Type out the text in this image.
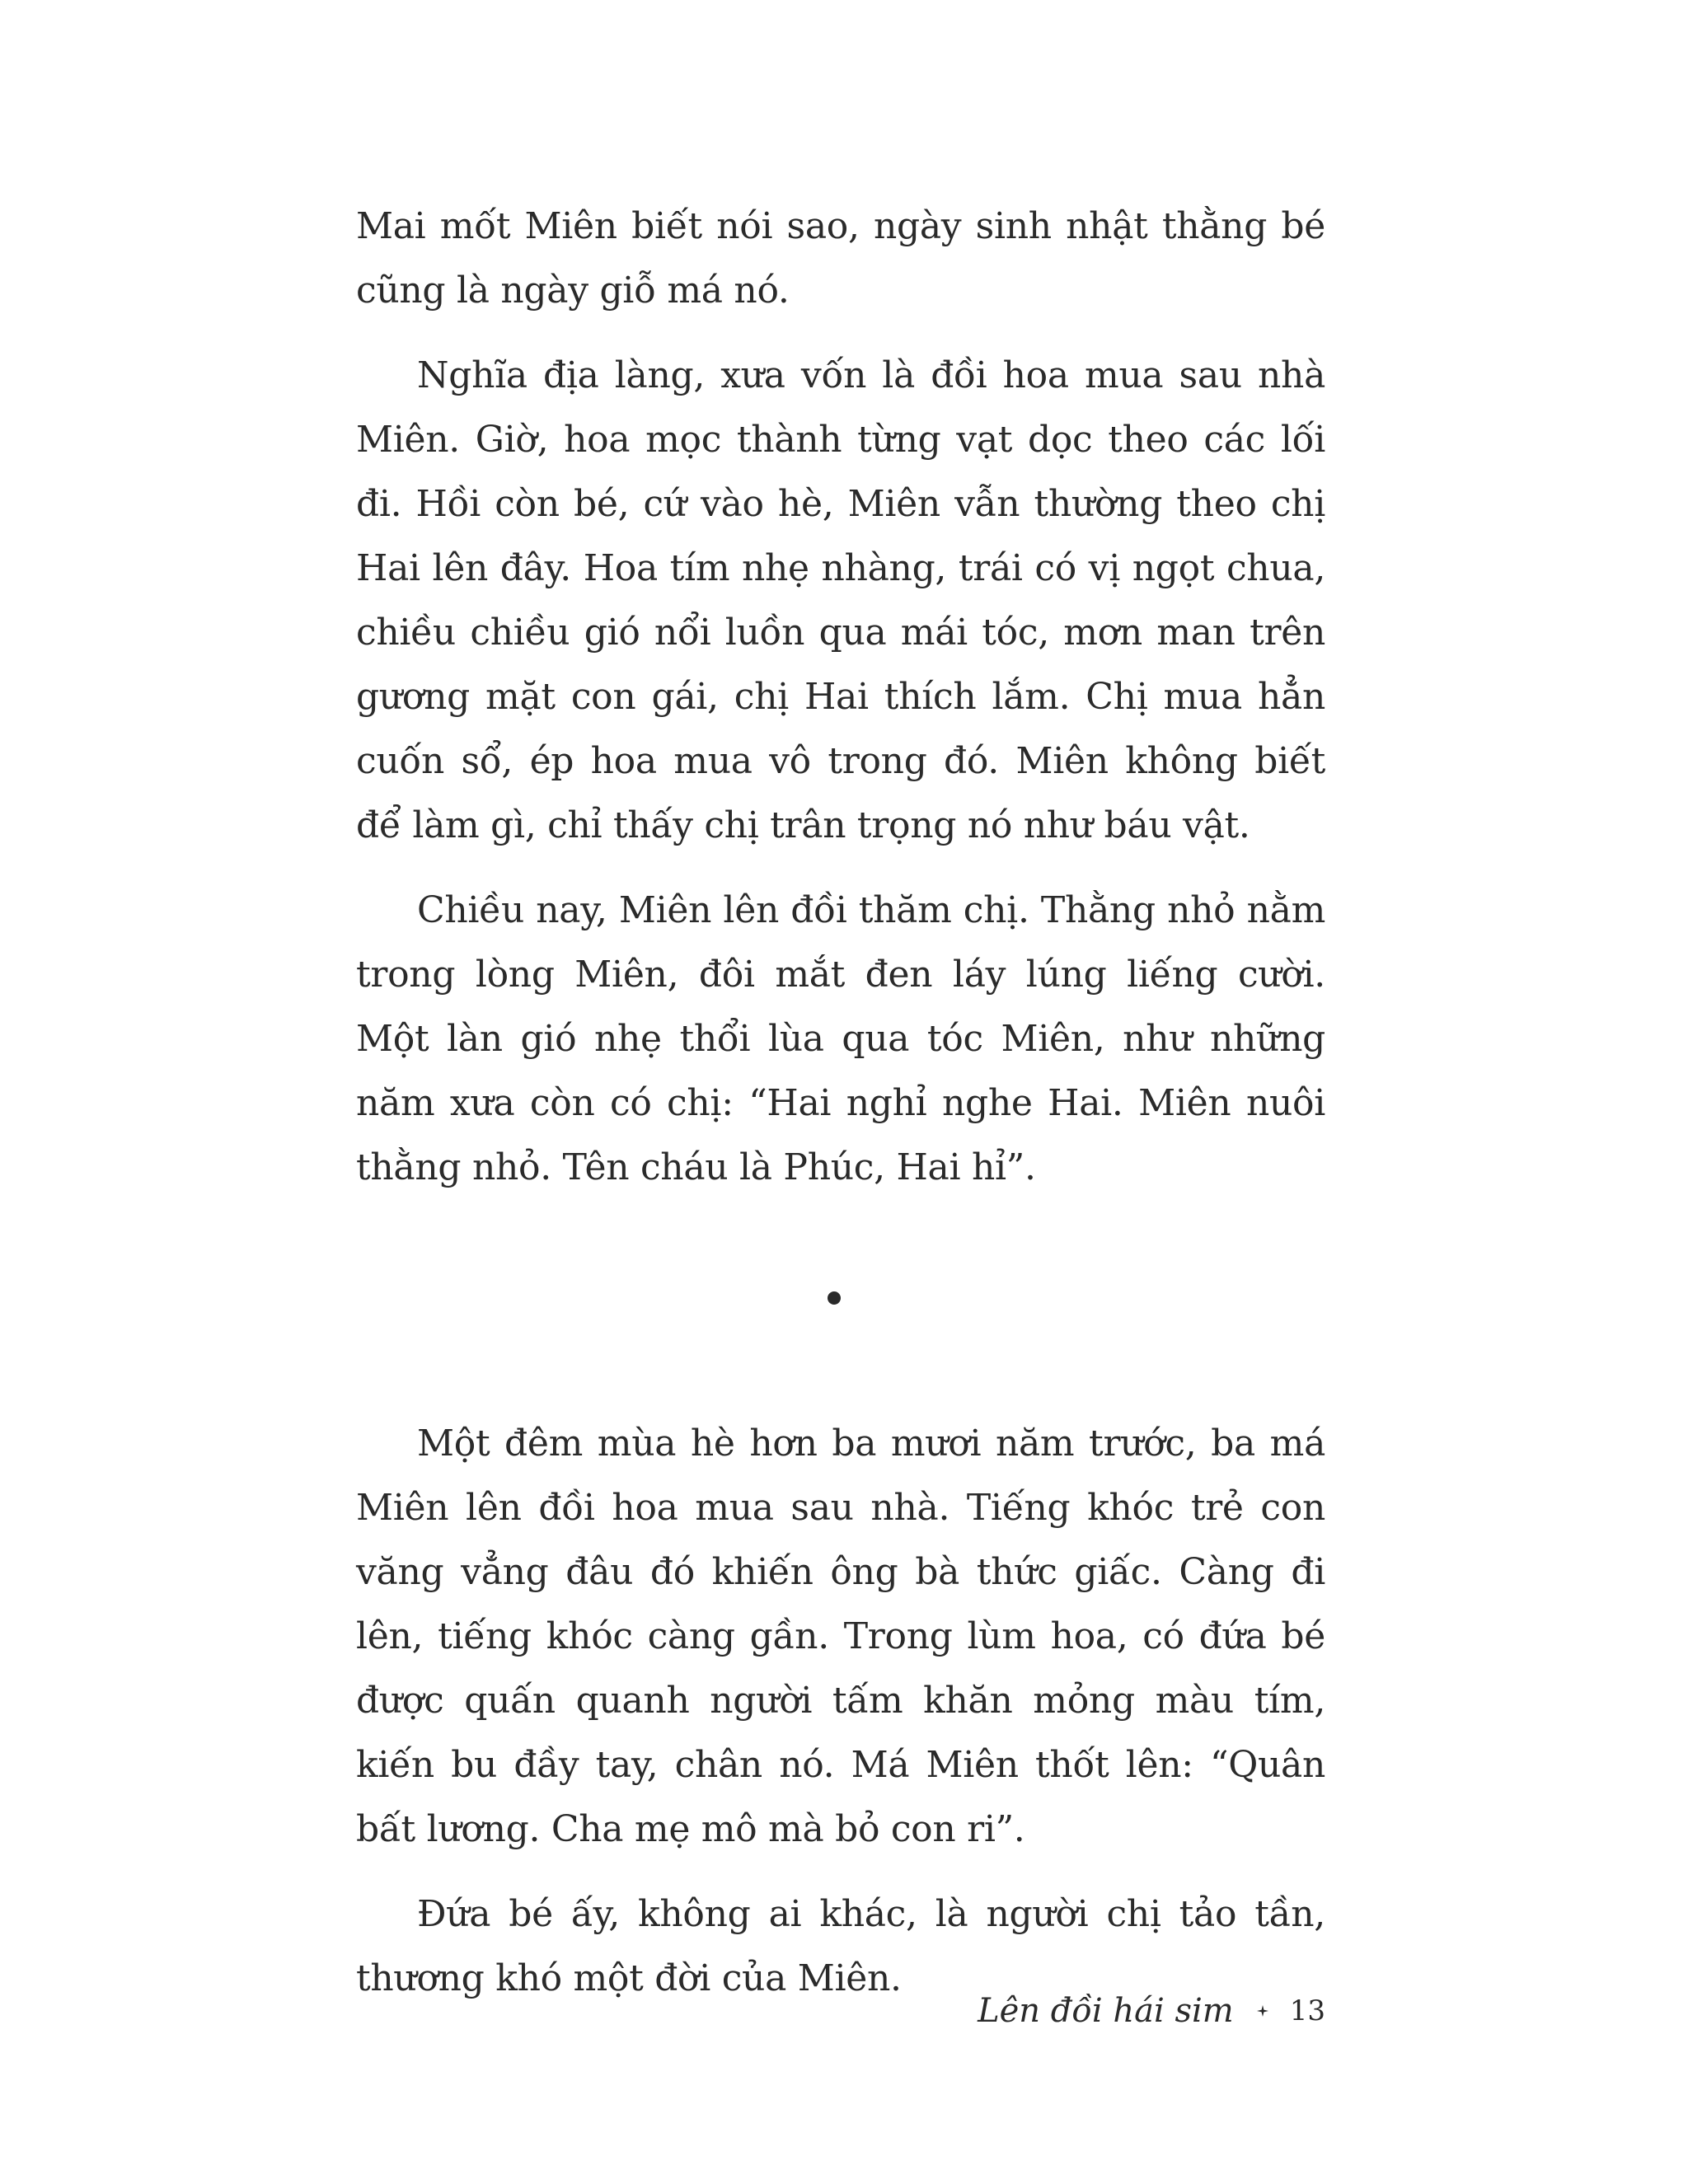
Mai mốt Miên biết nói sao, ngày sinh nhật thằng bé cũng là ngày giỗ má nó.

Nghĩa địa làng, xưa vốn là đồi hoa mua sau nhà Miên. Giờ, hoa mọc thành từng vạt dọc theo các lối đi. Hồi còn bé, cứ vào hè, Miên vẫn thường theo chị Hai lên đây. Hoa tím nhẹ nhàng, trái có vị ngọt chua, chiều chiều gió nổi luồn qua mái tóc, mơn man trên gương mặt con gái, chị Hai thích lắm. Chị mua hẳn cuốn sổ, ép hoa mua vô trong đó. Miên không biết để làm gì, chỉ thấy chị trân trọng nó như báu vật.

Chiều nay, Miên lên đồi thăm chị. Thằng nhỏ nằm trong lòng Miên, đôi mắt đen láy lúng liếng cười. Một làn gió nhẹ thổi lùa qua tóc Miên, như những năm xưa còn có chị: “Hai nghỉ nghe Hai. Miên nuôi thằng nhỏ. Tên cháu là Phúc, Hai hỉ”.

Một đêm mùa hè hơn ba mươi năm trước, ba má Miên lên đồi hoa mua sau nhà. Tiếng khóc trẻ con văng vẳng đâu đó khiến ông bà thức giấc. Càng đi lên, tiếng khóc càng gần. Trong lùm hoa, có đứa bé được quấn quanh người tấm khăn mỏng màu tím, kiến bu đầy tay, chân nó. Má Miên thốt lên: “Quân bất lương. Cha mẹ mô mà bỏ con ri”.

Đứa bé ấy, không ai khác, là người chị tảo tần, thương khó một đời của Miên.

Lên đồi hái sim 13
